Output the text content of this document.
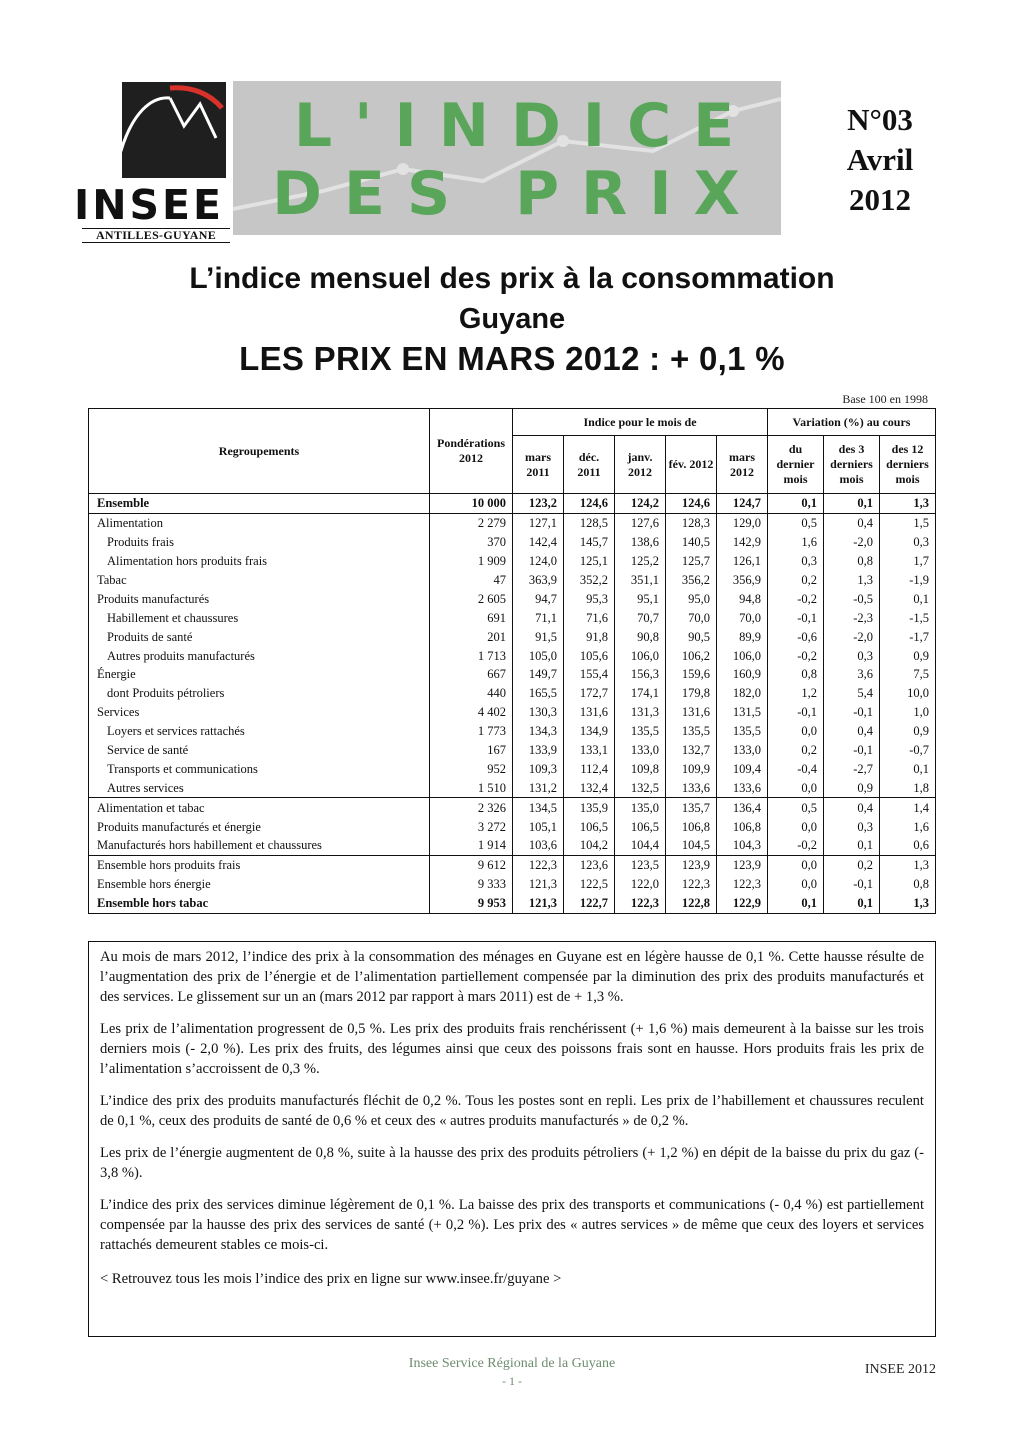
INSEE
ANTILLES-GUYANE
L'INDICE
DES PRIX
N°03
Avril
2012
L’indice mensuel des prix à la consommation
Guyane
LES PRIX EN MARS 2012 : + 0,1 %
Base 100 en 1998
Regroupements	Pondérations 2012	Indice pour le mois de					Variation (%) au cours		
		mars 2011	déc. 2011	janv. 2012	fév. 2012	mars 2012	du dernier mois	des 3 derniers mois	des 12 derniers mois
Ensemble	10 000	123,2	124,6	124,2	124,6	124,7	0,1	0,1	1,3
Alimentation	2 279	127,1	128,5	127,6	128,3	129,0	0,5	0,4	1,5
Produits frais	370	142,4	145,7	138,6	140,5	142,9	1,6	-2,0	0,3
Alimentation hors produits frais	1 909	124,0	125,1	125,2	125,7	126,1	0,3	0,8	1,7
Tabac	47	363,9	352,2	351,1	356,2	356,9	0,2	1,3	-1,9
Produits manufacturés	2 605	94,7	95,3	95,1	95,0	94,8	-0,2	-0,5	0,1
Habillement et chaussures	691	71,1	71,6	70,7	70,0	70,0	-0,1	-2,3	-1,5
Produits de santé	201	91,5	91,8	90,8	90,5	89,9	-0,6	-2,0	-1,7
Autres produits manufacturés	1 713	105,0	105,6	106,0	106,2	106,0	-0,2	0,3	0,9
Énergie	667	149,7	155,4	156,3	159,6	160,9	0,8	3,6	7,5
dont Produits pétroliers	440	165,5	172,7	174,1	179,8	182,0	1,2	5,4	10,0
Services	4 402	130,3	131,6	131,3	131,6	131,5	-0,1	-0,1	1,0
Loyers et services rattachés	1 773	134,3	134,9	135,5	135,5	135,5	0,0	0,4	0,9
Service de santé	167	133,9	133,1	133,0	132,7	133,0	0,2	-0,1	-0,7
Transports et communications	952	109,3	112,4	109,8	109,9	109,4	-0,4	-2,7	0,1
Autres services	1 510	131,2	132,4	132,5	133,6	133,6	0,0	0,9	1,8
Alimentation et tabac	2 326	134,5	135,9	135,0	135,7	136,4	0,5	0,4	1,4
Produits manufacturés et énergie	3 272	105,1	106,5	106,5	106,8	106,8	0,0	0,3	1,6
Manufacturés hors habillement et chaussures	1 914	103,6	104,2	104,4	104,5	104,3	-0,2	0,1	0,6
Ensemble hors produits frais	9 612	122,3	123,6	123,5	123,9	123,9	0,0	0,2	1,3
Ensemble hors énergie	9 333	121,3	122,5	122,0	122,3	122,3	0,0	-0,1	0,8
Ensemble hors tabac	9 953	121,3	122,7	122,3	122,8	122,9	0,1	0,1	1,3

Au mois de mars 2012, l’indice des prix à la consommation des ménages en Guyane est en légère hausse de 0,1 %. Cette hausse résulte de l’augmentation des prix de l’énergie et de l’alimentation partiellement compensée par la diminution des prix des produits manufacturés et des services. Le glissement sur un an (mars 2012 par rapport à mars 2011) est de + 1,3 %.

Les prix de l’alimentation progressent de 0,5 %. Les prix des produits frais renchérissent (+ 1,6 %) mais demeurent à la baisse sur les trois derniers mois (- 2,0 %). Les prix des fruits, des légumes ainsi que ceux des poissons frais sont en hausse. Hors produits frais les prix de l’alimentation s’accroissent de 0,3 %.

L’indice des prix des produits manufacturés fléchit de 0,2 %. Tous les postes sont en repli. Les prix de l’habillement et chaussures reculent de 0,1 %, ceux des produits de santé de 0,6 % et ceux des « autres produits manufacturés » de 0,2 %.

Les prix de l’énergie augmentent de 0,8 %, suite à la hausse des prix des produits pétroliers (+ 1,2 %) en dépit de la baisse du prix du gaz (- 3,8 %).

L’indice des prix des services diminue légèrement de 0,1 %. La baisse des prix des transports et communications (- 0,4 %) est partiellement compensée par la hausse des prix des services de santé (+ 0,2 %). Les prix des « autres services » de même que ceux des loyers et services rattachés demeurent stables ce mois-ci.

< Retrouvez tous les mois l’indice des prix en ligne sur www.insee.fr/guyane >

Insee Service Régional de la Guyane
- 1 -
INSEE 2012
